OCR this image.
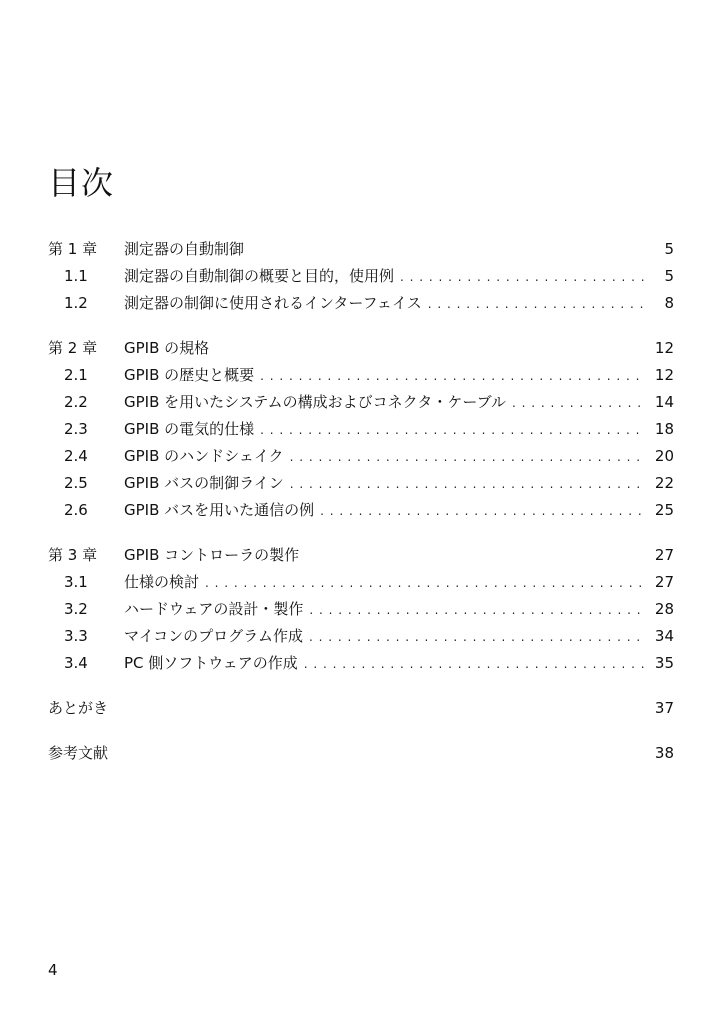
目次
第 1 章	測定器の自動制御	5
1.1	測定器の自動制御の概要と目的，使用例 . . .	5
1.2	測定器の制御に使用されるインターフェイス . . .	8
第 2 章	GPIB の規格	12
2.1	GPIB の歴史と概要 . . .	12
2.2	GPIB を用いたシステムの構成およびコネクタ・ケーブル . . .	14
2.3	GPIB の電気的仕様 . . .	18
2.4	GPIB のハンドシェイク . . .	20
2.5	GPIB バスの制御ライン . . .	22
2.6	GPIB バスを用いた通信の例 . . .	25
第 3 章	GPIB コントローラの製作	27
3.1	仕様の検討 . . .	27
3.2	ハードウェアの設計・製作 . . .	28
3.3	マイコンのプログラム作成 . . .	34
3.4	PC 側ソフトウェアの作成 . . .	35
あとがき	37
参考文献	38
4
